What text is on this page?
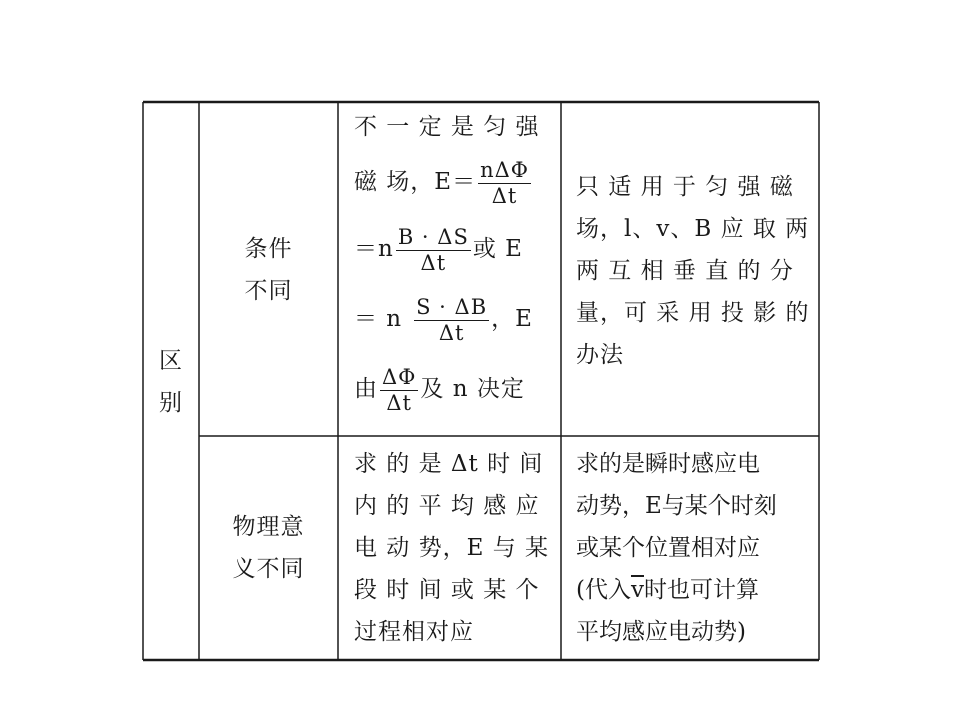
区

别

条件

不同

不 一 定 是 匀 强

磁 场，$E= \frac{\text{nΔΦ}}{\Delta t}$

$=n \frac{B \cdot \Delta S}{\Delta t}$ 或 E

＝ n $\frac{S \cdot \Delta B}{\Delta t}$ ，E

由 $\frac{\Delta\Phi}{\Delta t}$ 及 n 决定

只 适 用 于 匀 强 磁

场，l、v、B 应 取 两

两 互 相 垂 直 的 分

量，可 采 用 投 影 的

办法

物理意

义不同

求 的 是 Δt 时 间

内 的 平 均 感 应

电 动 势，E 与 某

段 时 间 或 某 个

过程相对应

求的是瞬时感应电

动势，E与某个时刻

或某个位置相对应

(代入$\overline{v}$时也可计算

平均感应电动势)
